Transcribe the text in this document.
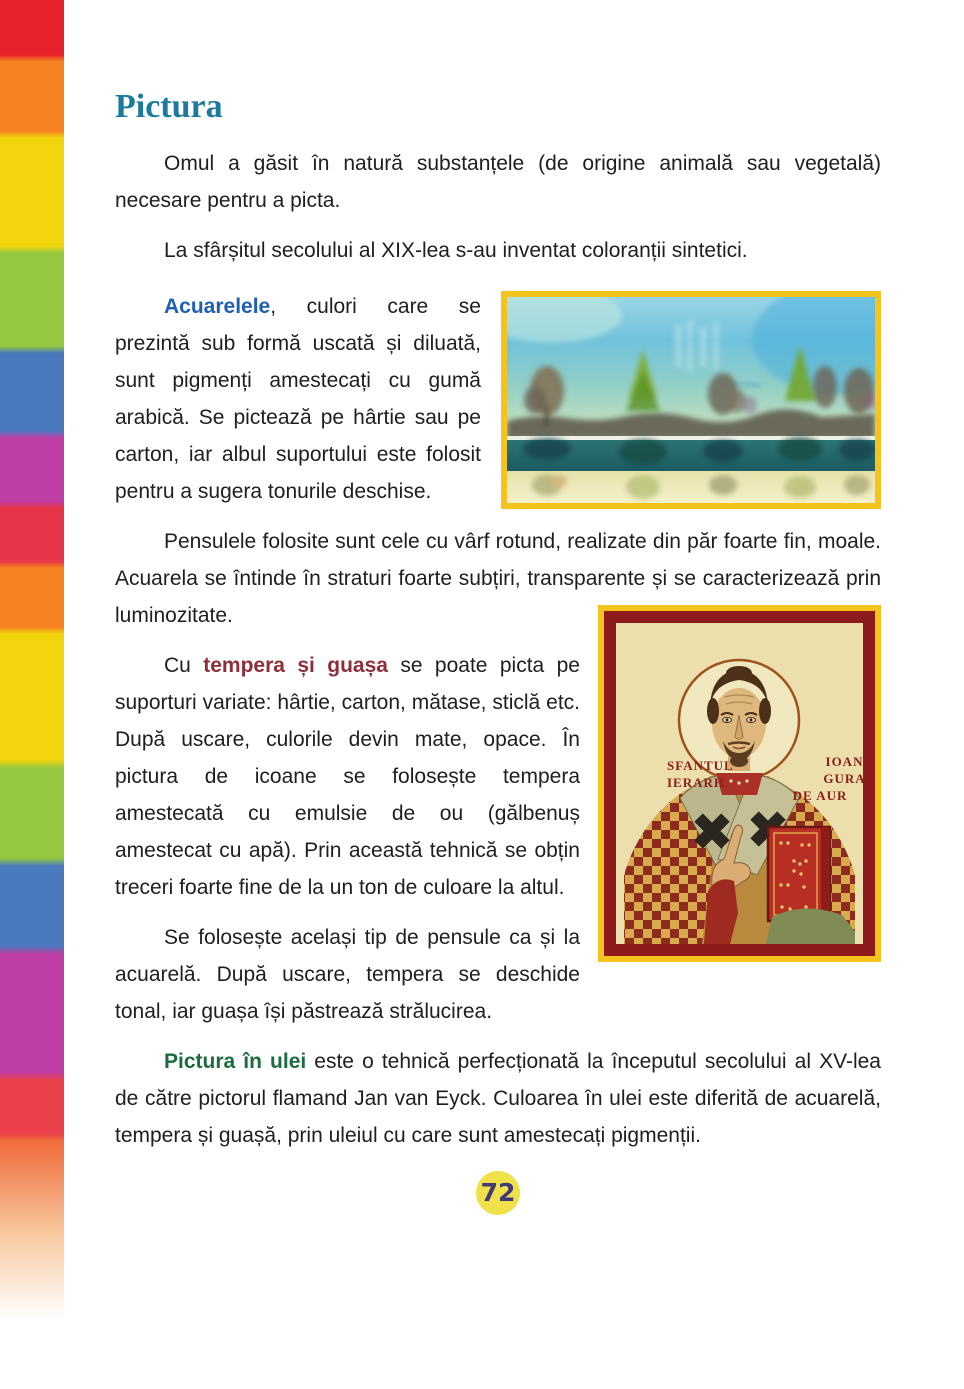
Pictura

Omul a găsit în natură substanțele (de origine animală sau vegetală) necesare pentru a picta.

La sfârșitul secolului al XIX-lea s-au inventat coloranții sintetici.

Acuarelele, culori care se prezintă sub formă uscată și diluată, sunt pigmenți amestecați cu gumă arabică. Se pictează pe hârtie sau pe carton, iar albul suportului este folosit pentru a sugera tonurile deschise.

Pensulele folosite sunt cele cu vârf rotund, realizate din păr foarte fin, moale. Acuarela se întinde în straturi foarte subțiri, transparente și se caracterizează prin luminozitate.

SFANTUL
IERARH
IOAN
GURA DE AUR
Cu tempera și guașa se poate picta pe suporturi variate: hârtie, carton, mătase, sticlă etc. După uscare, culorile devin mate, opace. În pictura de icoane se folosește tempera amestecată cu emulsie de ou (gălbenuș amestecat cu apă). Prin această tehnică se obțin treceri foarte fine de la un ton de culoare la altul.

Se folosește același tip de pensule ca și la acuarelă. După uscare, tempera se deschide tonal, iar guașa își păstrează strălucirea.

Pictura în ulei este o tehnică perfecționată la începutul secolului al XV-lea de către pictorul flamand Jan van Eyck. Culoarea în ulei este diferită de acuarelă, tempera și guașă, prin uleiul cu care sunt amestecați pigmenții.

72
